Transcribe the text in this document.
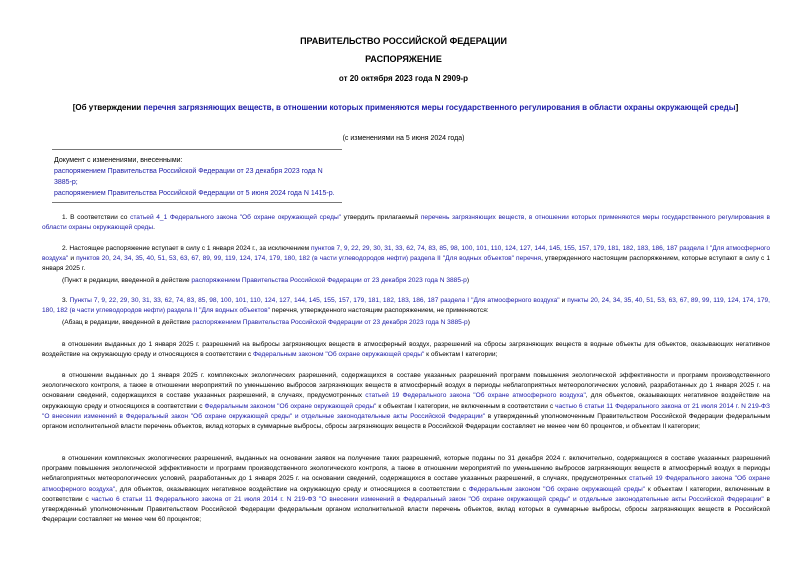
ПРАВИТЕЛЬСТВО РОССИЙСКОЙ ФЕДЕРАЦИИ
РАСПОРЯЖЕНИЕ
от 20 октября 2023 года N 2909-р
[Об утверждении перечня загрязняющих веществ, в отношении которых применяются меры государственного регулирования в области охраны окружающей среды]
(с изменениями на 5 июня 2024 года)
Документ с изменениями, внесенными:
распоряжением Правительства Российской Федерации от 23 декабря 2023 года N 3885-р;
распоряжением Правительства Российской Федерации от 5 июня 2024 года N 1415-р.
1. В соответствии со статьей 4_1 Федерального закона "Об охране окружающей среды" утвердить прилагаемый перечень загрязняющих веществ, в отношении которых применяются меры государственного регулирования в области охраны окружающей среды.
2. Настоящее распоряжение вступает в силу с 1 января 2024 г., за исключением пунктов 7, 9, 22, 29, 30, 31, 33, 62, 74, 83, 85, 98, 100, 101, 110, 124, 127, 144, 145, 155, 157, 179, 181, 182, 183, 186, 187 раздела I "Для атмосферного воздуха" и пунктов 20, 24, 34, 35, 40, 51, 53, 63, 67, 89, 99, 119, 124, 174, 179, 180, 182 (в части углеводородов нефти) раздела II "Для водных объектов" перечня, утвержденного настоящим распоряжением, которые вступают в силу с 1 января 2025 г.
(Пункт в редакции, введенной в действие распоряжением Правительства Российской Федерации от 23 декабря 2023 года N 3885-р)
3. Пункты 7, 9, 22, 29, 30, 31, 33, 62, 74, 83, 85, 98, 100, 101, 110, 124, 127, 144, 145, 155, 157, 179, 181, 182, 183, 186, 187 раздела I "Для атмосферного воздуха" и пункты 20, 24, 34, 35, 40, 51, 53, 63, 67, 89, 99, 119, 124, 174, 179, 180, 182 (в части углеводородов нефти) раздела II "Для водных объектов" перечня, утвержденного настоящим распоряжением, не применяются:
(Абзац в редакции, введенной в действие распоряжением Правительства Российской Федерации от 23 декабря 2023 года N 3885-р)
в отношении выданных до 1 января 2025 г. разрешений на выбросы загрязняющих веществ в атмосферный воздух, разрешений на сбросы загрязняющих веществ в водные объекты для объектов, оказывающих негативное воздействие на окружающую среду и относящихся в соответствии с Федеральным законом "Об охране окружающей среды" к объектам I категории;
в отношении выданных до 1 января 2025 г. комплексных экологических разрешений, содержащихся в составе указанных разрешений программ повышения экологической эффективности и программ производственного экологического контроля, а также в отношении мероприятий по уменьшению выбросов загрязняющих веществ в атмосферный воздух в периоды неблагоприятных метеорологических условий, разработанных до 1 января 2025 г. на основании сведений, содержащихся в составе указанных разрешений, в случаях, предусмотренных статьей 19 Федерального закона "Об охране атмосферного воздуха", для объектов, оказывающих негативное воздействие на окружающую среду и относящихся в соответствии с Федеральным законом "Об охране окружающей среды" к объектам I категории, не включенным в соответствии с частью 6 статьи 11 Федерального закона от 21 июля 2014 г. N 219-ФЗ "О внесении изменений в Федеральный закон "Об охране окружающей среды" и отдельные законодательные акты Российской Федерации" в утвержденный уполномоченным Правительством Российской Федерации федеральным органом исполнительной власти перечень объектов, вклад которых в суммарные выбросы, сбросы загрязняющих веществ в Российской Федерации составляет не менее чем 60 процентов, и объектам II категории;
в отношении комплексных экологических разрешений, выданных на основании заявок на получение таких разрешений, которые поданы по 31 декабря 2024 г. включительно, содержащихся в составе указанных разрешений программ повышения экологической эффективности и программ производственного экологического контроля, а также в отношении мероприятий по уменьшению выбросов загрязняющих веществ в атмосферный воздух в периоды неблагоприятных метеорологических условий, разработанных до 1 января 2025 г. на основании сведений, содержащихся в составе указанных разрешений, в случаях, предусмотренных статьей 19 Федерального закона "Об охране атмосферного воздуха", для объектов, оказывающих негативное воздействие на окружающую среду и относящихся в соответствии с Федеральным законом "Об охране окружающей среды" к объектам I категории, включенным в соответствии с частью 6 статьи 11 Федерального закона от 21 июля 2014 г. N 219-ФЗ "О внесении изменений в Федеральный закон "Об охране окружающей среды" и отдельные законодательные акты Российской Федерации" в утвержденный уполномоченным Правительством Российской Федерации федеральным органом исполнительной власти перечень объектов, вклад которых в суммарные выбросы, сбросы загрязняющих веществ в Российской Федерации составляет не менее чем 60 процентов;
